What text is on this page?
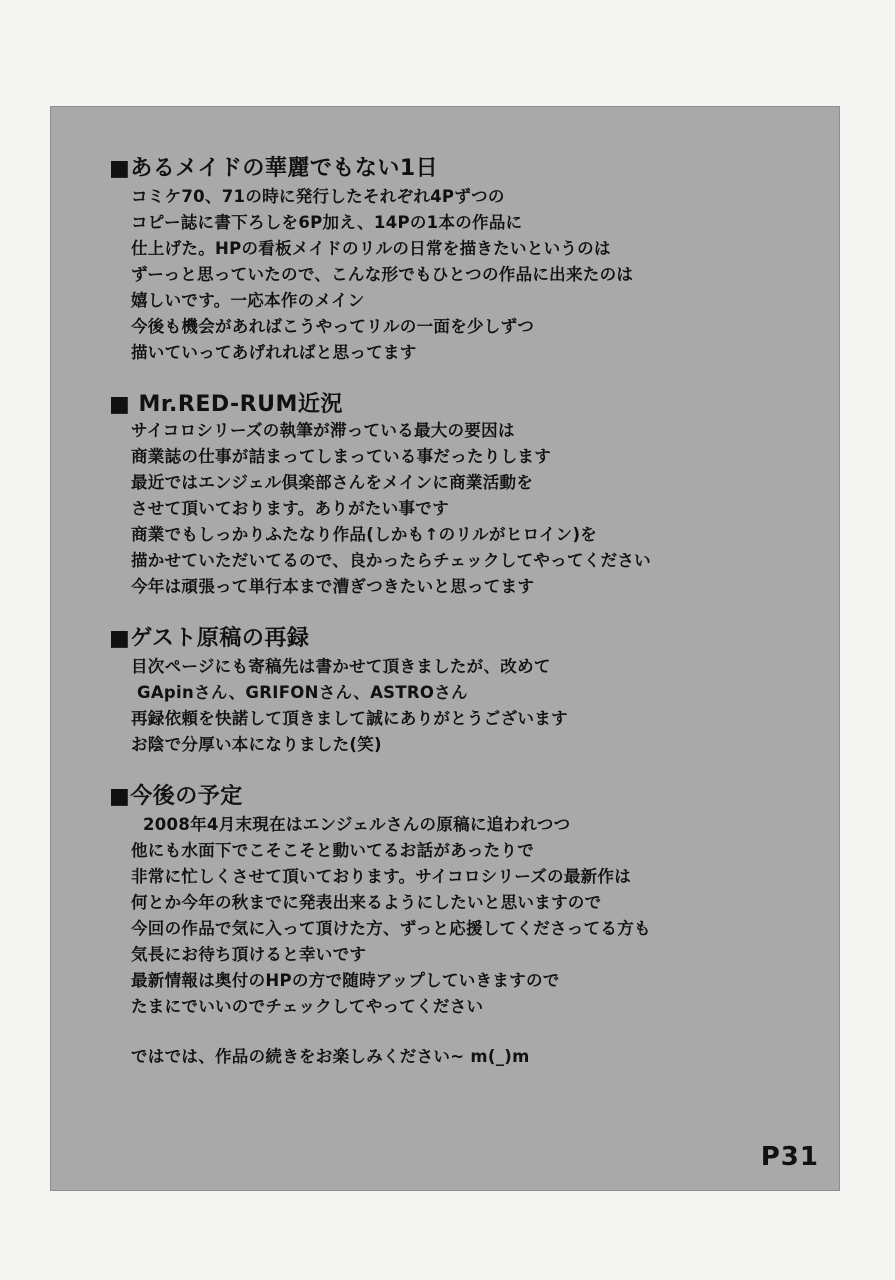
■あるメイドの華麗でもない1日
コミケ70、71の時に発行したそれぞれ4Pずつの
コピー誌に書下ろしを6P加え、14Pの1本の作品に
仕上げた。HPの看板メイドのリルの日常を描きたいというのは
ずーっと思っていたので、こんな形でもひとつの作品に出来たのは
嬉しいです。一応本作のメイン
今後も機会があればこうやってリルの一面を少しずつ
描いていってあげれればと思ってます
■ Mr.RED-RUM近況
サイコロシリーズの執筆が滞っている最大の要因は
商業誌の仕事が詰まってしまっている事だったりします
最近ではエンジェル倶楽部さんをメインに商業活動を
させて頂いております。ありがたい事です
商業でもしっかりふたなり作品(しかも↑のリルがヒロイン)を
描かせていただいてるので、良かったらチェックしてやってください
今年は頑張って単行本まで漕ぎつきたいと思ってます
■ゲスト原稿の再録
目次ページにも寄稿先は書かせて頂きましたが、改めて
GApinさん、GRIFONさん、ASTROさん
再録依頼を快諾して頂きまして誠にありがとうございます
お陰で分厚い本になりました(笑)
■今後の予定
2008年4月末現在はエンジェルさんの原稿に追われつつ
他にも水面下でこそこそと動いてるお話があったりで
非常に忙しくさせて頂いております。サイコロシリーズの最新作は
何とか今年の秋までに発表出来るようにしたいと思いますので
今回の作品で気に入って頂けた方、ずっと応援してくださってる方も
気長にお待ち頂けると幸いです
最新情報は奥付のHPの方で随時アップしていきますので
たまにでいいのでチェックしてやってください
ではでは、作品の続きをお楽しみください~ m(_)m
P31
